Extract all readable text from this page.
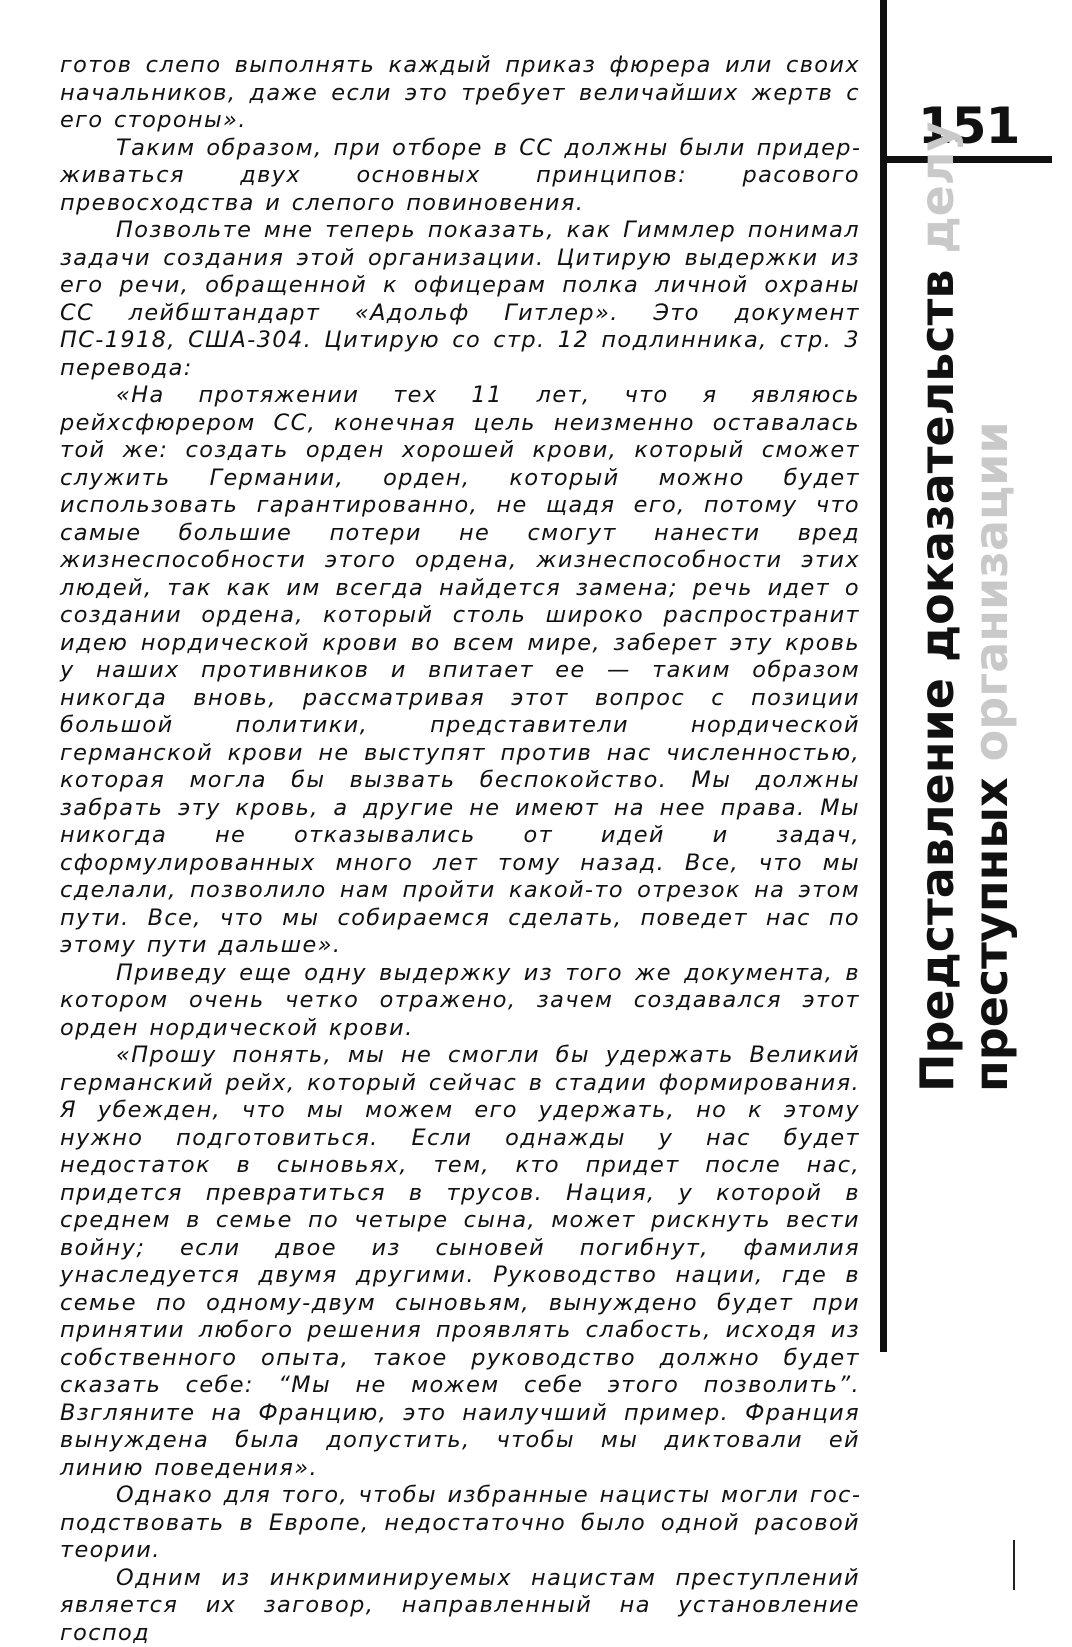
готов слепо выполнять каждый приказ фюрера или своих начальников, даже если это требует величайших жертв с его стороны».

Таким образом, при отборе в СС должны были придерживаться двух основных принципов: расового превосходства и слепого повиновения.

Позвольте мне теперь показать, как Гиммлер понимал задачи создания этой организации. Цитирую выдержки из его речи, обращенной к офицерам полка личной охраны СС лейбштандарт «Адольф Гитлер». Это документ ПС-1918, США-304. Цитирую со стр. 12 подлинника, стр. 3 перевода:

«На протяжении тех 11 лет, что я являюсь рейхсфюрером СС, конечная цель неизменно оставалась той же: создать орден хорошей крови, который сможет служить Германии, орден, который можно будет использовать гарантированно, не щадя его, потому что самые большие потери не смогут нанести вред жизнеспособности этого ордена, жизнеспособности этих людей, так как им всегда найдется замена; речь идет о создании ордена, который столь широко распространит идею нордической крови во всем мире, заберет эту кровь у наших противников и впитает ее — таким образом никогда вновь, рассматривая этот вопрос с позиции большой политики, представители нордической германской крови не выступят против нас численностью, которая могла бы вызвать беспокойство. Мы должны забрать эту кровь, а другие не имеют на нее права. Мы никогда не отказывались от идей и задач, сформулированных много лет тому назад. Все, что мы сделали, позволило нам пройти какой-то отрезок на этом пути. Все, что мы собираемся сделать, поведет нас по этому пути дальше».

Приведу еще одну выдержку из того же документа, в котором очень четко отражено, зачем создавался этот орден нордической крови.

«Прошу понять, мы не смогли бы удержать Великий германский рейх, который сейчас в стадии формирования. Я убежден, что мы можем его удержать, но к этому нужно подготовиться. Если однажды у нас будет недостаток в сыновьях, тем, кто придет после нас, придется превратиться в трусов. Нация, у которой в среднем в семье по четыре сына, может рискнуть вести войну; если двое из сыновей погибнут, фамилия унаследуется двумя другими. Руководство нации, где в семье по одному-двум сыновьям, вынуждено будет при принятии любого решения проявлять слабость, исходя из собственного опыта, такое руководство должно будет сказать себе: “Мы не можем себе этого позволить”. Взгляните на Францию, это наилучший пример. Франция вынуждена была допустить, чтобы мы диктовали ей линию поведения».

Однако для того, чтобы избранные нацисты могли господствовать в Европе, недостаточно было одной расовой теории.

Одним из инкриминируемых нацистам преступлений является их заговор, направленный на установление господ

151
Представление доказательств делу
преступных организации
